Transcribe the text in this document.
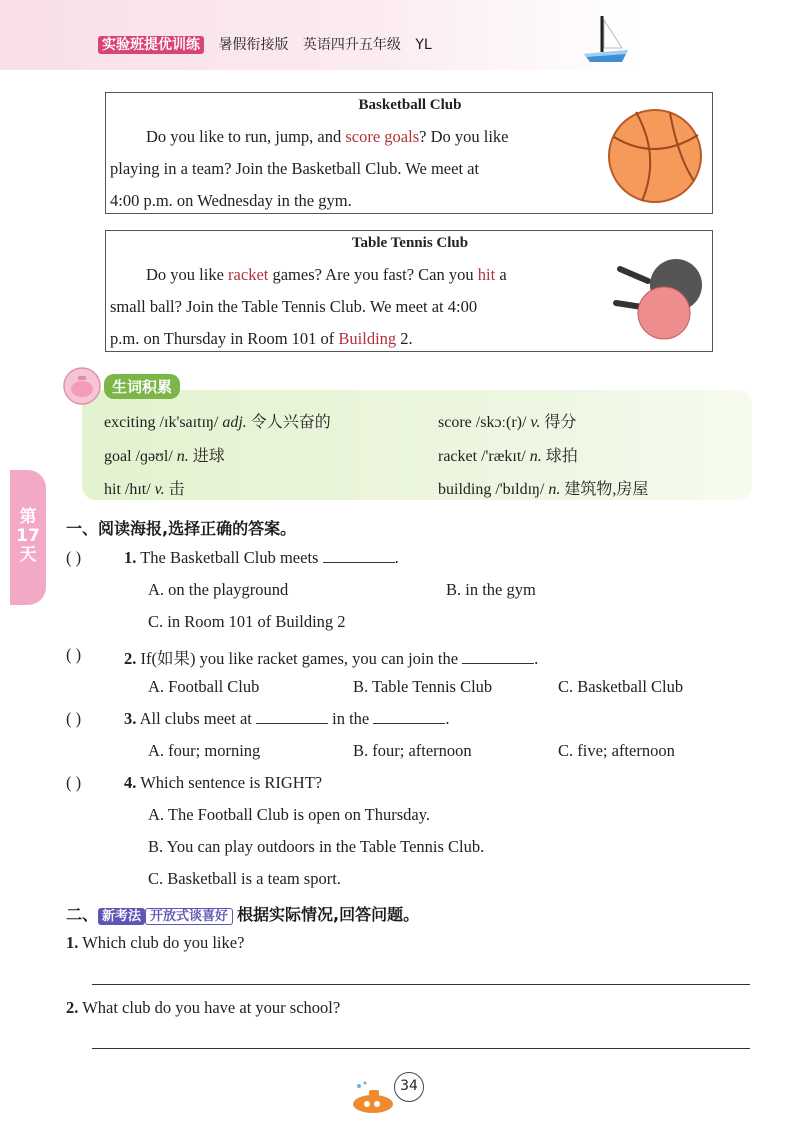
实验班提优训练 暑假衔接版 英语四升五年级 YL
Basketball Club
Do you like to run, jump, and score goals? Do you like
playing in a team? Join the Basketball Club. We meet at
4:00 p.m. on Wednesday in the gym.
Table Tennis Club
Do you like racket games? Are you fast? Can you hit a
small ball? Join the Table Tennis Club. We meet at 4:00
p.m. on Thursday in Room 101 of Building 2.
生词积累
exciting /ɪk'saɪtɪŋ/ adj. 令人兴奋的	score /skɔː(r)/ v. 得分
goal /ɡəʊl/ n. 进球	racket /'rækɪt/ n. 球拍
hit /hɪt/ v. 击	building /'bɪldɪŋ/ n. 建筑物,房屋
第
17
天
一、阅读海报,选择正确的答案。
( )	1. The Basketball Club meets	.
A. on the playground	B. in the gym
C. in Room 101 of Building 2
( )	2. If(如果) you like racket games, you can join the	.
A. Football Club	B. Table Tennis Club	C. Basketball Club
( )	3. All clubs meet at	in the	.
A. four; morning	B. four; afternoon	C. five; afternoon
( )	4. Which sentence is RIGHT?
A. The Football Club is open on Thursday.
B. You can play outdoors in the Table Tennis Club.
C. Basketball is a team sport.
二、 新考法 开放式谈喜好 根据实际情况,回答问题。
1. Which club do you like?
2. What club do you have at your school?
34
